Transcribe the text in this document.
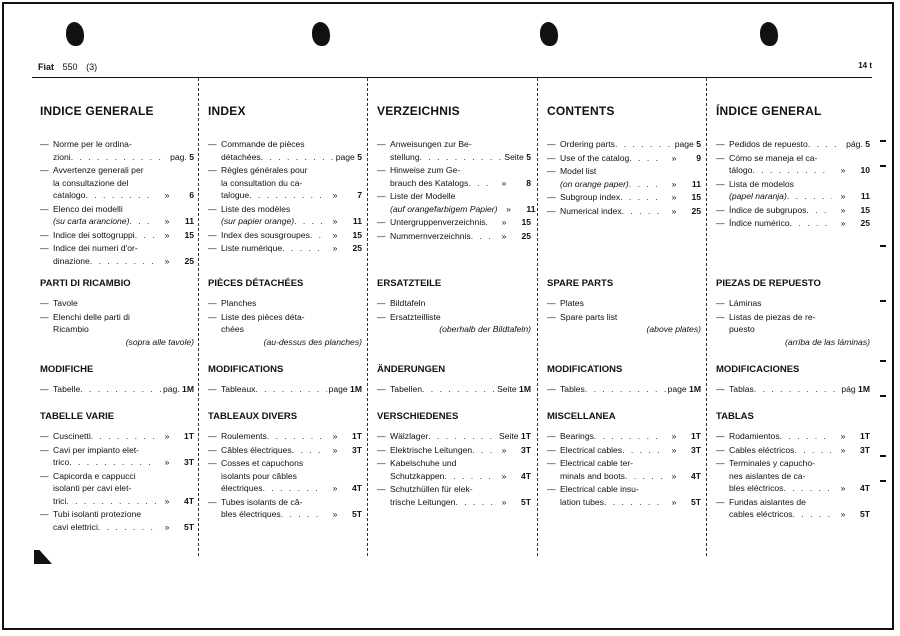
Fiat 550 (3)	14 t
INDICE GENERALE
— Norme per le ordina-
zioni . . .	pag. 5
— Avvertenze generali per
la consultazione del
catalogo . . .	»	6
— Elenco dei modelli
(su carta arancione) . . .	»	11
— Indice dei sottogruppi . . .	»	15
— Indice dei numeri d'or-
dinazione . . .	»	25
PARTI DI RICAMBIO
— Tavole
— Elenchi delle parti di
Ricambio
(sopra alle tavole)
MODIFICHE
— Tabelle . . .	pag. 1M
TABELLE VARIE
— Cuscinetti . . .	»	1T
— Cavi per impianto elet-
trico . . .	»	3T
— Capicorda e cappucci
isolanti per cavi elet-
trici . . .	»	4T
— Tubi isolanti protezione
cavi elettrici . . .	»	5T
INDEX
— Commande de pièces
détachées . . .	page 5
— Règles générales pour
la consultation du ca-
talogue . . .	»	7
— Liste des modèles
(sur papier orange) . . .	»	11
— Index des sousgroupes . . .	»	15
— Liste numérique . . .	»	25
PIÈCES DÉTACHÉES
— Planches
— Liste des pièces déta-
chées
(au-dessus des planches)
MODIFICATIONS
— Tableaux . . .	page 1M
TABLEAUX DIVERS
— Roulements . . .	»	1T
— Câbles électriques . . .	»	3T
— Cosses et capuchons
isolants pour câbles
électriques . . .	»	4T
— Tubes isolants de câ-
bles électriques . . .	»	5T
VERZEICHNIS
— Anweisungen zur Be-
stellung . . .	Seite 5
— Hinweise zum Ge-
brauch des Katalogs . . .	»	8
— Liste der Modelle
(auf orangefarbigem Papier)	»	11
— Untergruppenverzeichnis . . .	»	15
— Nummernverzeichnis . . .	»	25
ERSATZTEILE
— Bildtafeln
— Ersatzteilliste
(oberhalb der Bildtafeln)
ÄNDERUNGEN
— Tabellen . . .	Seite 1M
VERSCHIEDENES
— Wälzlager . . .	Seite 1T
— Elektrische Leitungen . . .	»	3T
— Kabelschuhe und
Schutzkappen . . .	»	4T
— Schutzhüllen für elek-
trische Leitungen . . .	»	5T
CONTENTS
— Ordering parts . . .	page 5
— Use of the catalog . . .	»	9
— Model list
(on orange paper) . . .	»	11
— Subgroup index . . .	»	15
— Numerical index . . .	»	25
SPARE PARTS
— Plates
— Spare parts list
(above plates)
MODIFICATIONS
— Tables . . .	page 1M
MISCELLANEA
— Bearings . . .	»	1T
— Electrical cables . . .	»	3T
— Electrical cable ter-
minals and boots . . .	»	4T
— Electrical cable insu-
lation tubes . . .	»	5T
ÍNDICE GENERAL
— Pedidos de repuesto . . .	pág. 5
— Cómo se maneja el ca-
tálogo . . .	»	10
— Lista de modelos
(papel naranja) . . .	»	11
— Índice de subgrupos . . .	»	15
— Índice numérico . . .	»	25
PIEZAS DE REPUESTO
— Láminas
— Listas de piezas de re-
puesto
(arriba de las láminas)
MODIFICACIONES
— Tablas . . .	pág 1M
TABLAS
— Rodamientos . . .	»	1T
— Cables eléctricos . . .	»	3T
— Terminales y capucho-
nes aislantes de ca-
bles eléctricos . . .	»	4T
— Fundas aislantes de
cables eléctricos . . .	»	5T
